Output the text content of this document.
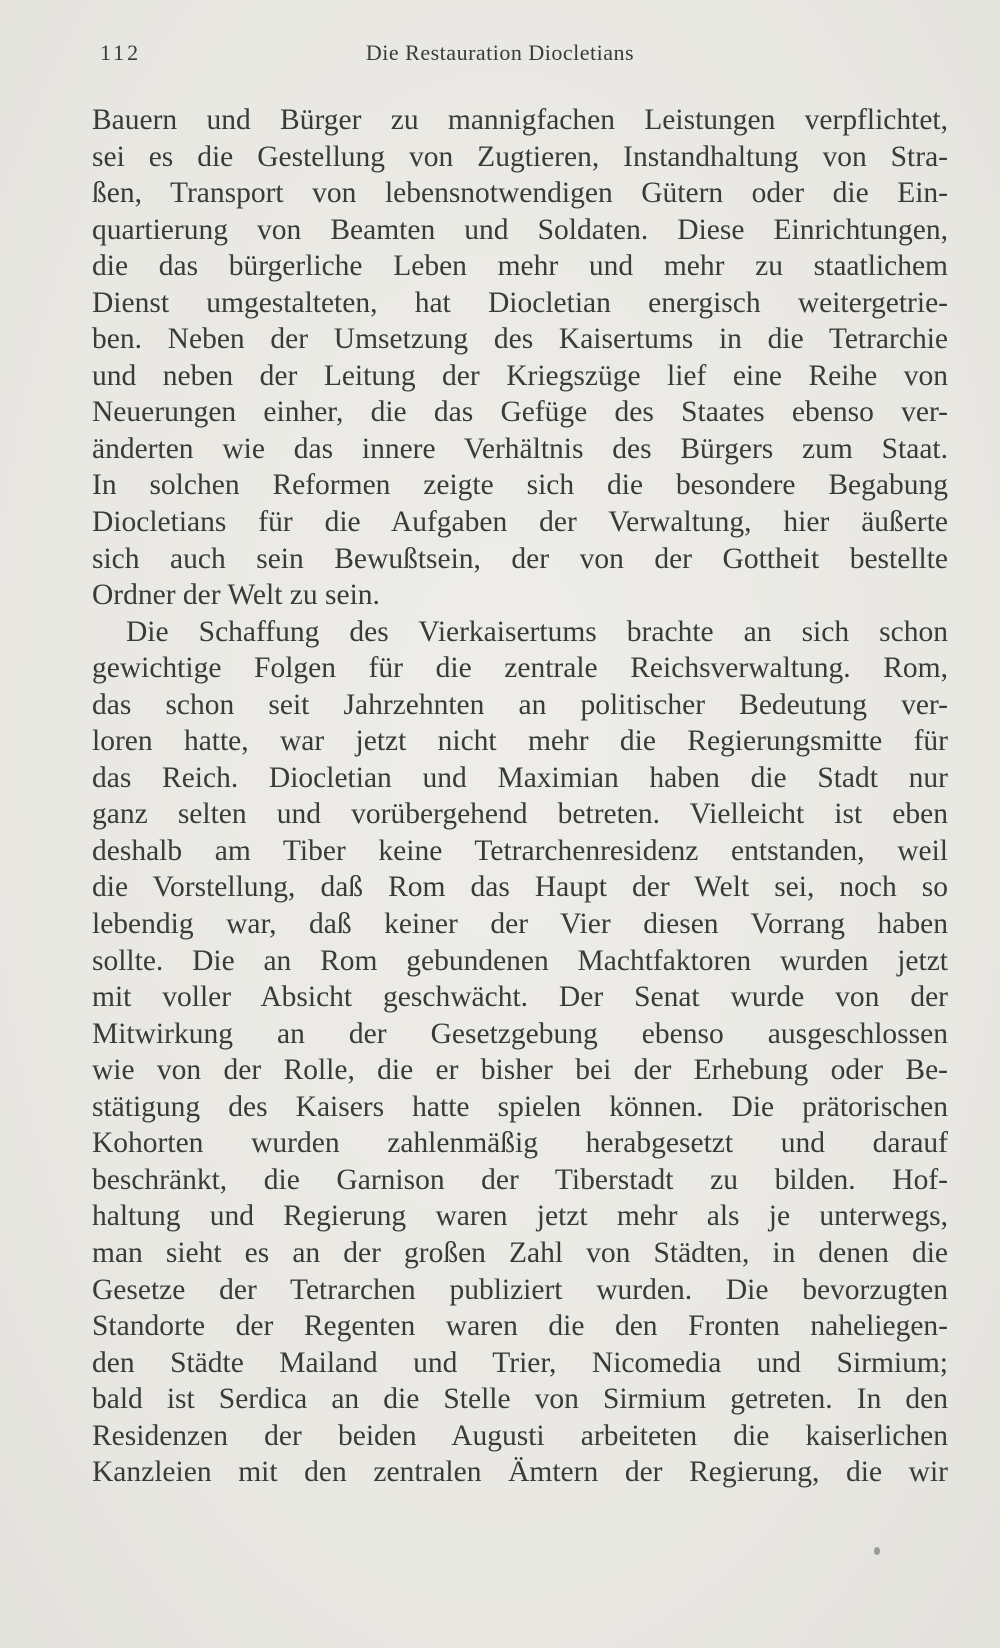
112	Die Restauration Diocletians
Bauern und Bürger zu mannigfachen Leistungen verpflichtet,
sei es die Gestellung von Zugtieren, Instandhaltung von Stra-
ßen, Transport von lebensnotwendigen Gütern oder die Ein-
quartierung von Beamten und Soldaten. Diese Einrichtungen,
die das bürgerliche Leben mehr und mehr zu staatlichem
Dienst umgestalteten, hat Diocletian energisch weitergetrie-
ben. Neben der Umsetzung des Kaisertums in die Tetrarchie
und neben der Leitung der Kriegszüge lief eine Reihe von
Neuerungen einher, die das Gefüge des Staates ebenso ver-
änderten wie das innere Verhältnis des Bürgers zum Staat.
In solchen Reformen zeigte sich die besondere Begabung
Diocletians für die Aufgaben der Verwaltung, hier äußerte
sich auch sein Bewußtsein, der von der Gottheit bestellte
Ordner der Welt zu sein.
Die Schaffung des Vierkaisertums brachte an sich schon
gewichtige Folgen für die zentrale Reichsverwaltung. Rom,
das schon seit Jahrzehnten an politischer Bedeutung ver-
loren hatte, war jetzt nicht mehr die Regierungsmitte für
das Reich. Diocletian und Maximian haben die Stadt nur
ganz selten und vorübergehend betreten. Vielleicht ist eben
deshalb am Tiber keine Tetrarchenresidenz entstanden, weil
die Vorstellung, daß Rom das Haupt der Welt sei, noch so
lebendig war, daß keiner der Vier diesen Vorrang haben
sollte. Die an Rom gebundenen Machtfaktoren wurden jetzt
mit voller Absicht geschwächt. Der Senat wurde von der
Mitwirkung an der Gesetzgebung ebenso ausgeschlossen
wie von der Rolle, die er bisher bei der Erhebung oder Be-
stätigung des Kaisers hatte spielen können. Die prätorischen
Kohorten wurden zahlenmäßig herabgesetzt und darauf
beschränkt, die Garnison der Tiberstadt zu bilden. Hof-
haltung und Regierung waren jetzt mehr als je unterwegs,
man sieht es an der großen Zahl von Städten, in denen die
Gesetze der Tetrarchen publiziert wurden. Die bevorzugten
Standorte der Regenten waren die den Fronten naheliegen-
den Städte Mailand und Trier, Nicomedia und Sirmium;
bald ist Serdica an die Stelle von Sirmium getreten. In den
Residenzen der beiden Augusti arbeiteten die kaiserlichen
Kanzleien mit den zentralen Ämtern der Regierung, die wir
